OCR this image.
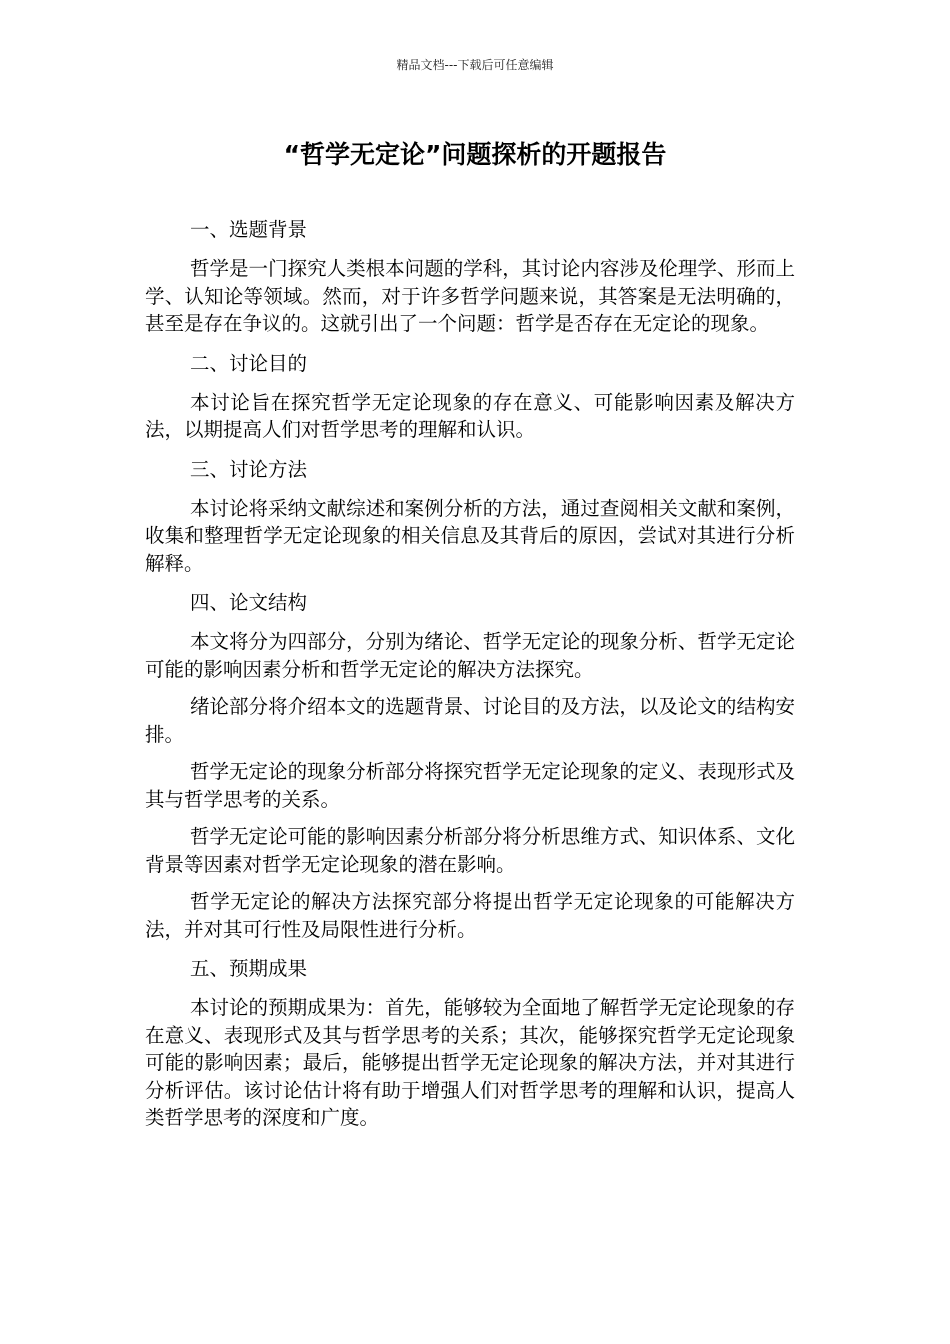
精品文档---下载后可任意编辑
“哲学无定论”问题探析的开题报告
一、选题背景

哲学是一门探究人类根本问题的学科，其讨论内容涉及伦理学、形而上学、认知论等领域。然而，对于许多哲学问题来说，其答案是无法明确的，甚至是存在争议的。这就引出了一个问题：哲学是否存在无定论的现象。

二、讨论目的

本讨论旨在探究哲学无定论现象的存在意义、可能影响因素及解决方法，以期提高人们对哲学思考的理解和认识。

三、讨论方法

本讨论将采纳文献综述和案例分析的方法，通过查阅相关文献和案例，收集和整理哲学无定论现象的相关信息及其背后的原因，尝试对其进行分析解释。

四、论文结构

本文将分为四部分，分别为绪论、哲学无定论的现象分析、哲学无定论可能的影响因素分析和哲学无定论的解决方法探究。

绪论部分将介绍本文的选题背景、讨论目的及方法，以及论文的结构安排。

哲学无定论的现象分析部分将探究哲学无定论现象的定义、表现形式及其与哲学思考的关系。

哲学无定论可能的影响因素分析部分将分析思维方式、知识体系、文化背景等因素对哲学无定论现象的潜在影响。

哲学无定论的解决方法探究部分将提出哲学无定论现象的可能解决方法，并对其可行性及局限性进行分析。

五、预期成果

本讨论的预期成果为：首先，能够较为全面地了解哲学无定论现象的存在意义、表现形式及其与哲学思考的关系；其次，能够探究哲学无定论现象可能的影响因素；最后，能够提出哲学无定论现象的解决方法，并对其进行分析评估。该讨论估计将有助于增强人们对哲学思考的理解和认识，提高人类哲学思考的深度和广度。
